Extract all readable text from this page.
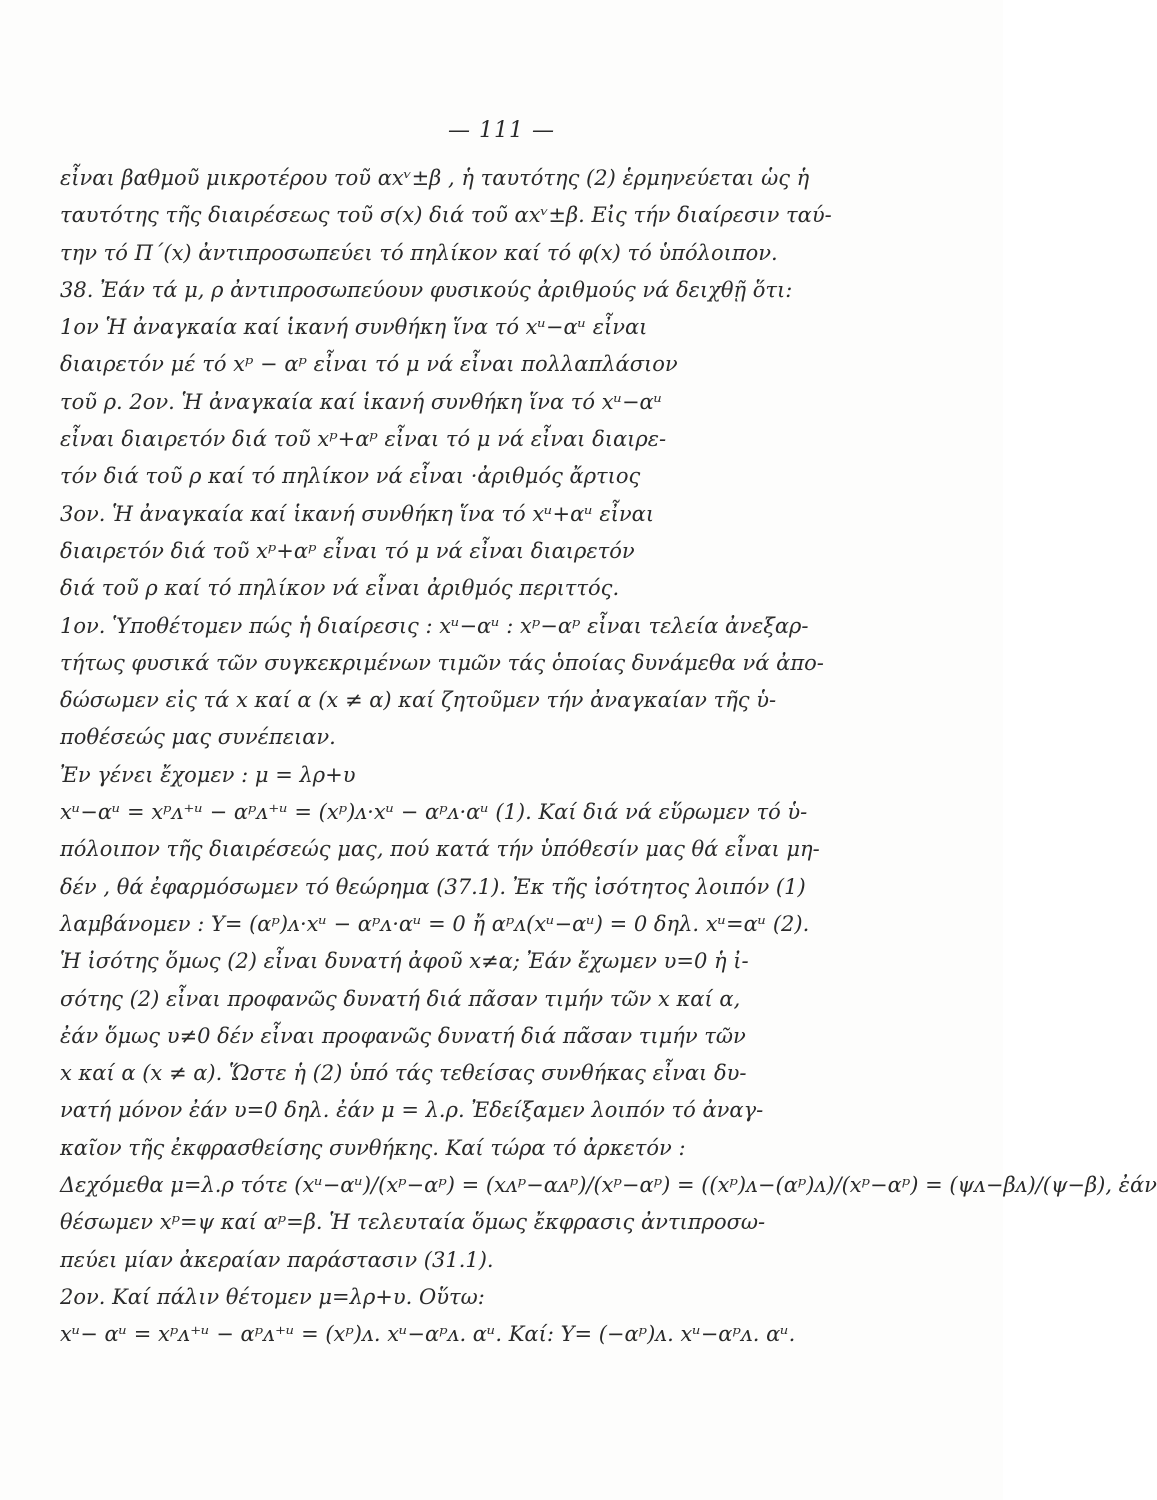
— 111 —
εἶναι βαθμοῦ μικροτέρου τοῦ αxᵛ±β , ἡ ταυτότης (2) ἑρμηνεύεται ὡς ἡ
ταυτότης τῆς διαιρέσεως τοῦ σ(x) διά τοῦ αxᵛ±β. Εἰς τήν διαίρεσιν ταύ-
την τό Π΄(x) ἀντιπροσωπεύει τό πηλίκον καί τό φ(x) τό ὑπόλοιπον.
38. Ἐάν τά μ, ρ ἀντιπροσωπεύουν φυσικούς ἀριθμούς νά δειχθῇ ὅτι:
1ον Ἡ ἀναγκαία καί ἱκανή συνθήκη ἵνα τό xᵘ−αᵘ εἶναι
διαιρετόν μέ τό xᵖ − αᵖ εἶναι τό μ νά εἶναι πολλαπλάσιον
τοῦ ρ. 2ον. Ἡ ἀναγκαία καί ἱκανή συνθήκη ἵνα τό xᵘ−αᵘ
εἶναι διαιρετόν διά τοῦ xᵖ+αᵖ εἶναι τό μ νά εἶναι διαιρε-
τόν διά τοῦ ρ καί τό πηλίκον νά εἶναι ·ἀριθμός ἄρτιος
3ον. Ἡ ἀναγκαία καί ἱκανή συνθήκη ἵνα τό xᵘ+αᵘ εἶναι
διαιρετόν διά τοῦ xᵖ+αᵖ εἶναι τό μ νά εἶναι διαιρετόν
διά τοῦ ρ καί τό πηλίκον νά εἶναι ἀριθμός περιττός.
1ον. Ὑποθέτομεν πώς ἡ διαίρεσις : xᵘ−αᵘ : xᵖ−αᵖ εἶναι τελεία ἀνεξαρ-
τήτως φυσικά τῶν συγκεκριμένων τιμῶν τάς ὁποίας δυνάμεθα νά ἀπο-
δώσωμεν εἰς τά x καί α (x ≠ α) καί ζητοῦμεν τήν ἀναγκαίαν τῆς ὑ-
ποθέσεώς μας συνέπειαν.
Ἐν γένει ἔχομεν : μ = λρ+υ
xᵘ−αᵘ = xᵖᴧ⁺ᵘ − αᵖᴧ⁺ᵘ = (xᵖ)ᴧ·xᵘ − αᵖᴧ·αᵘ (1). Καί διά νά εὕρωμεν τό ὑ-
πόλοιπον τῆς διαιρέσεώς μας, πού κατά τήν ὑπόθεσίν μας θά εἶναι μη-
δέν , θά ἐφαρμόσωμεν τό θεώρημα (37.1). Ἐκ τῆς ἰσότητος λοιπόν (1)
λαμβάνομεν : Υ= (αᵖ)ᴧ·xᵘ − αᵖᴧ·αᵘ = 0 ἤ αᵖᴧ(xᵘ−αᵘ) = 0 δηλ. xᵘ=αᵘ (2).
Ἡ ἰσότης ὅμως (2) εἶναι δυνατή ἀφοῦ x≠α; Ἐάν ἔχωμεν υ=0 ἡ ἰ-
σότης (2) εἶναι προφανῶς δυνατή διά πᾶσαν τιμήν τῶν x καί α,
ἐάν ὅμως υ≠0 δέν εἶναι προφανῶς δυνατή διά πᾶσαν τιμήν τῶν
x καί α (x ≠ α). Ὥστε ἡ (2) ὑπό τάς τεθείσας συνθήκας εἶναι δυ-
νατή μόνον ἐάν υ=0 δηλ. ἐάν μ = λ.ρ. Ἐδείξαμεν λοιπόν τό ἀναγ-
καῖον τῆς ἐκφρασθείσης συνθήκης. Καί τώρα τό ἀρκετόν :
Δεχόμεθα μ=λ.ρ τότε (xᵘ−αᵘ)/(xᵖ−αᵖ) = (xᴧᵖ−αᴧᵖ)/(xᵖ−αᵖ) = ((xᵖ)ᴧ−(αᵖ)ᴧ)/(xᵖ−αᵖ) = (ψᴧ−βᴧ)/(ψ−β), ἐάν
θέσωμεν xᵖ=ψ καί αᵖ=β. Ἡ τελευταία ὅμως ἔκφρασις ἀντιπροσω-
πεύει μίαν ἀκεραίαν παράστασιν (31.1).
2ον. Καί πάλιν θέτομεν μ=λρ+υ. Οὕτω:
xᵘ− αᵘ = xᵖᴧ⁺ᵘ − αᵖᴧ⁺ᵘ = (xᵖ)ᴧ. xᵘ−αᵖᴧ. αᵘ. Καί: Υ= (−αᵖ)ᴧ. xᵘ−αᵖᴧ. αᵘ.
